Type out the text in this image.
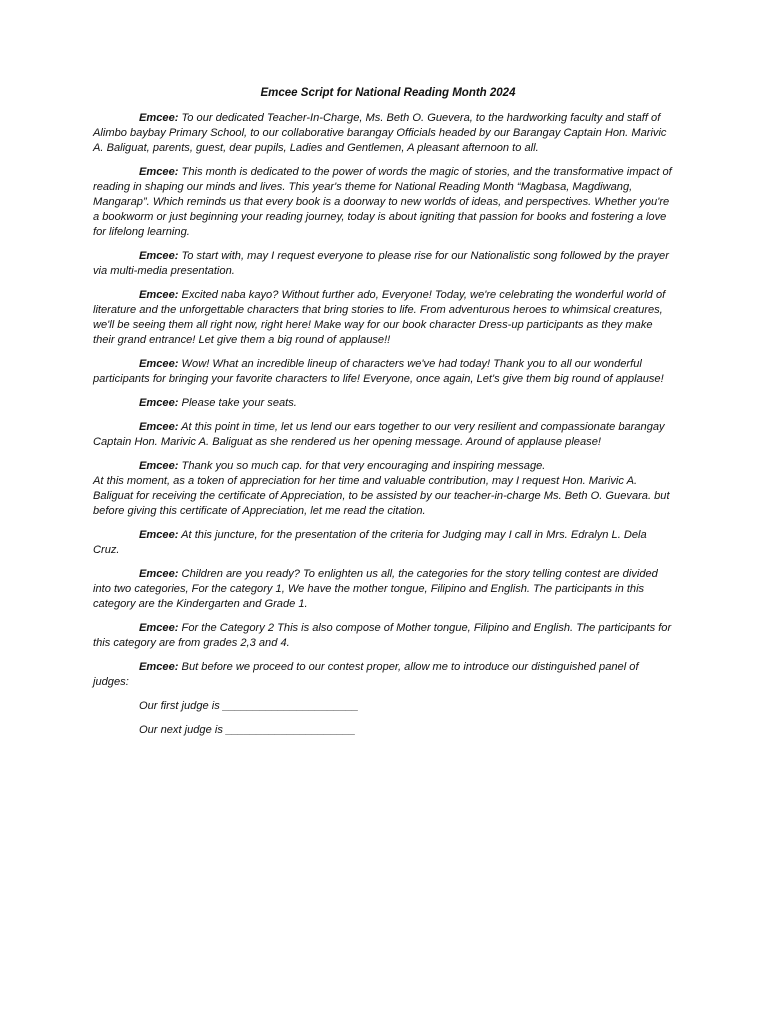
Emcee Script for National Reading Month 2024

Emcee: To our dedicated Teacher-In-Charge, Ms. Beth O. Guevera, to the hardworking faculty and staff of Alimbo baybay Primary School, to our collaborative barangay Officials headed by our Barangay Captain Hon. Marivic A. Baliguat, parents, guest, dear pupils, Ladies and Gentlemen, A pleasant afternoon to all.

Emcee: This month is dedicated to the power of words the magic of stories, and the transformative impact of reading in shaping our minds and lives. This year's theme for National Reading Month “Magbasa, Magdiwang, Mangarap”. Which reminds us that every book is a doorway to new worlds of ideas, and perspectives. Whether you're a bookworm or just beginning your reading journey, today is about igniting that passion for books and fostering a love for lifelong learning.

Emcee: To start with, may I request everyone to please rise for our Nationalistic song followed by the prayer via multi-media presentation.

Emcee: Excited naba kayo? Without further ado, Everyone! Today, we're celebrating the wonderful world of literature and the unforgettable characters that bring stories to life. From adventurous heroes to whimsical creatures, we'll be seeing them all right now, right here! Make way for our book character Dress-up participants as they make their grand entrance! Let give them a big round of applause!!

Emcee: Wow! What an incredible lineup of characters we've had today! Thank you to all our wonderful participants for bringing your favorite characters to life! Everyone, once again, Let's give them big round of applause!

Emcee: Please take your seats.

Emcee: At this point in time, let us lend our ears together to our very resilient and compassionate barangay Captain Hon. Marivic A. Baliguat as she rendered us her opening message. Around of applause please!

Emcee: Thank you so much cap. for that very encouraging and inspiring message.
At this moment, as a token of appreciation for her time and valuable contribution, may I request Hon. Marivic A. Baliguat for receiving the certificate of Appreciation, to be assisted by our teacher-in-charge Ms. Beth O. Guevara. but before giving this certificate of Appreciation, let me read the citation.

Emcee: At this juncture, for the presentation of the criteria for Judging may I call in Mrs. Edralyn L. Dela Cruz.

Emcee: Children are you ready? To enlighten us all, the categories for the story telling contest are divided into two categories, For the category 1, We have the mother tongue, Filipino and English. The participants in this category are the Kindergarten and Grade 1.

Emcee: For the Category 2 This is also compose of Mother tongue, Filipino and English. The participants for this category are from grades 2,3 and 4.

Emcee: But before we proceed to our contest proper, allow me to introduce our distinguished panel of judges:

Our first judge is ______________________

Our next judge is _____________________
